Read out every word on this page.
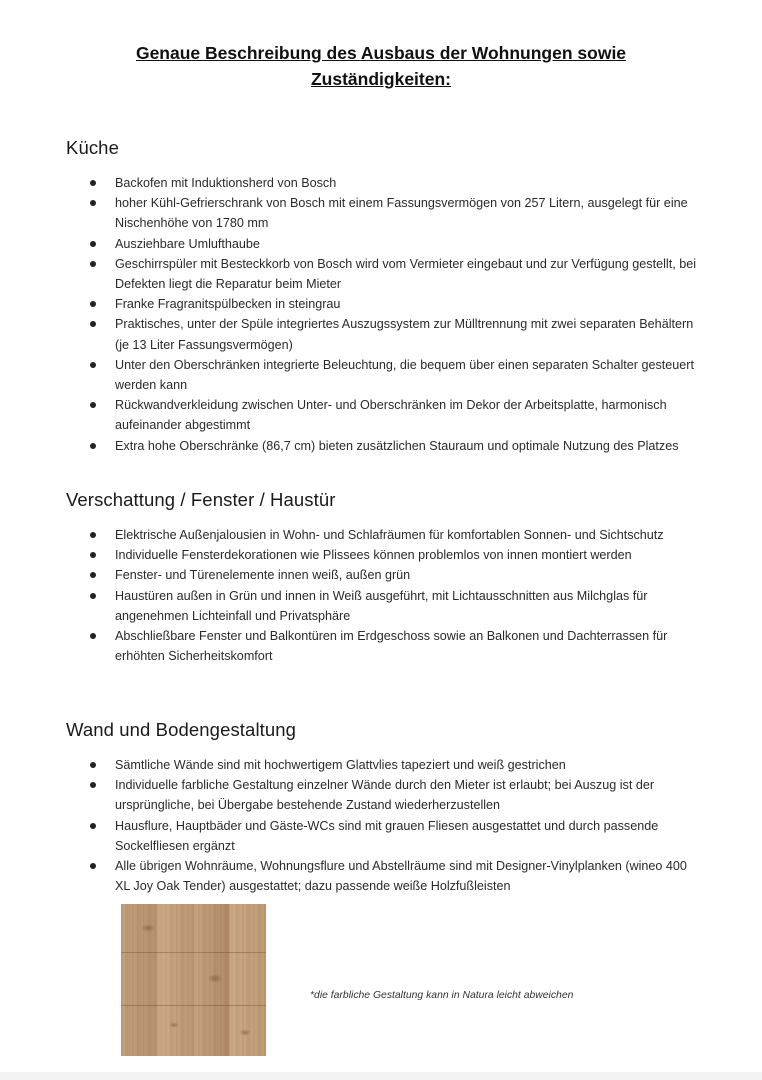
Genaue Beschreibung des Ausbaus der Wohnungen sowie
Zuständigkeiten:
Küche
Backofen mit Induktionsherd von Bosch
hoher Kühl-Gefrierschrank von Bosch mit einem Fassungsvermögen von 257 Litern, ausgelegt für eine Nischenhöhe von 1780 mm
Ausziehbare Umlufthaube
Geschirrspüler mit Besteckkorb von Bosch wird vom Vermieter eingebaut und zur Verfügung gestellt, bei Defekten liegt die Reparatur beim Mieter
Franke Fragranitspülbecken in steingrau
Praktisches, unter der Spüle integriertes Auszugssystem zur Mülltrennung mit zwei separaten Behältern (je 13 Liter Fassungsvermögen)
Unter den Oberschränken integrierte Beleuchtung, die bequem über einen separaten Schalter gesteuert werden kann
Rückwandverkleidung zwischen Unter- und Oberschränken im Dekor der Arbeitsplatte, harmonisch aufeinander abgestimmt
Extra hohe Oberschränke (86,7 cm) bieten zusätzlichen Stauraum und optimale Nutzung des Platzes
Verschattung / Fenster / Haustür
Elektrische Außenjalousien in Wohn- und Schlafräumen für komfortablen Sonnen- und Sichtschutz
Individuelle Fensterdekorationen wie Plissees können problemlos von innen montiert werden
Fenster- und Türenelemente innen weiß, außen grün
Haustüren außen in Grün und innen in Weiß ausgeführt, mit Lichtausschnitten aus Milchglas für angenehmen Lichteinfall und Privatsphäre
Abschließbare Fenster und Balkontüren im Erdgeschoss sowie an Balkonen und Dachterrassen für erhöhten Sicherheitskomfort
Wand und Bodengestaltung
Sämtliche Wände sind mit hochwertigem Glattvlies tapeziert und weiß gestrichen
Individuelle farbliche Gestaltung einzelner Wände durch den Mieter ist erlaubt; bei Auszug ist der ursprüngliche, bei Übergabe bestehende Zustand wiederherzustellen
Hausflure, Hauptbäder und Gäste-WCs sind mit grauen Fliesen ausgestattet und durch passende Sockelfliesen ergänzt
Alle übrigen Wohnräume, Wohnungsflure und Abstellräume sind mit Designer-Vinylplanken (wineo 400 XL Joy Oak Tender) ausgestattet; dazu passende weiße Holzfußleisten
*die farbliche Gestaltung kann in Natura leicht abweichen
